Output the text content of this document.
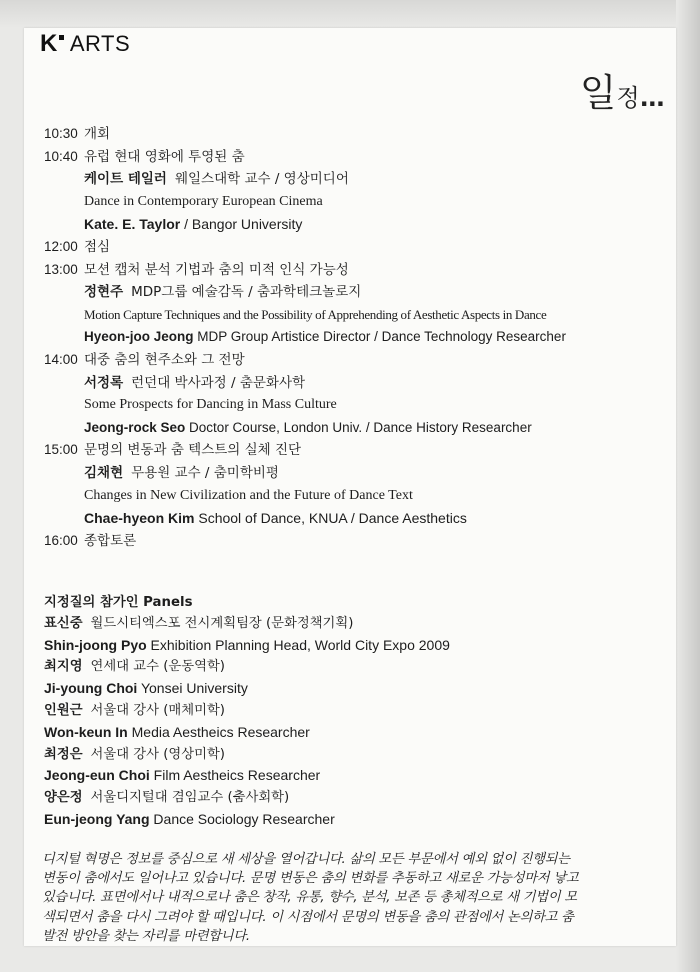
K ARTS
일정...
10:30 개회
10:40 유럽 현대 영화에 투영된 춤
케이트 테일러 웨일스대학 교수 / 영상미디어
Dance in Contemporary European Cinema
Kate. E. Taylor / Bangor University
12:00 점심
13:00 모션 캡처 분석 기법과 춤의 미적 인식 가능성
정현주 MDP그룹 예술감독 / 춤과학테크놀로지
Motion Capture Techniques and the Possibility of Apprehending of Aesthetic Aspects in Dance
Hyeon-joo Jeong MDP Group Artistice Director / Dance Technology Researcher
14:00 대중 춤의 현주소와 그 전망
서정록 런던대 박사과정 / 춤문화사학
Some Prospects for Dancing in Mass Culture
Jeong-rock Seo Doctor Course, London Univ. / Dance History Researcher
15:00 문명의 변동과 춤 텍스트의 실체 진단
김채현 무용원 교수 / 춤미학비평
Changes in New Civilization and the Future of Dance Text
Chae-hyeon Kim School of Dance, KNUA / Dance Aesthetics
16:00 종합토론
지정질의 참가인 Panels
표신중 월드시티엑스포 전시계획팀장 (문화정책기획)
Shin-joong Pyo Exhibition Planning Head, World City Expo 2009
최지영 연세대 교수 (운동역학)
Ji-young Choi Yonsei University
인원근 서울대 강사 (매체미학)
Won-keun In Media Aestheics Researcher
최정은 서울대 강사 (영상미학)
Jeong-eun Choi Film Aestheics Researcher
양은정 서울디지털대 겸임교수 (춤사회학)
Eun-jeong Yang Dance Sociology Researcher
디지털 혁명은 정보를 중심으로 새 세상을 열어갑니다. 삶의 모든 부문에서 예외 없이 진행되는
변동이 춤에서도 일어나고 있습니다. 문명 변동은 춤의 변화를 추동하고 새로운 가능성마저 낳고
있습니다. 표면에서나 내적으로나 춤은 창작, 유통, 향수, 분석, 보존 등 총체적으로 새 기법이 모
색되면서 춤을 다시 그려야 할 때입니다. 이 시점에서 문명의 변동을 춤의 관점에서 논의하고 춤
발전 방안을 찾는 자리를 마련합니다.
